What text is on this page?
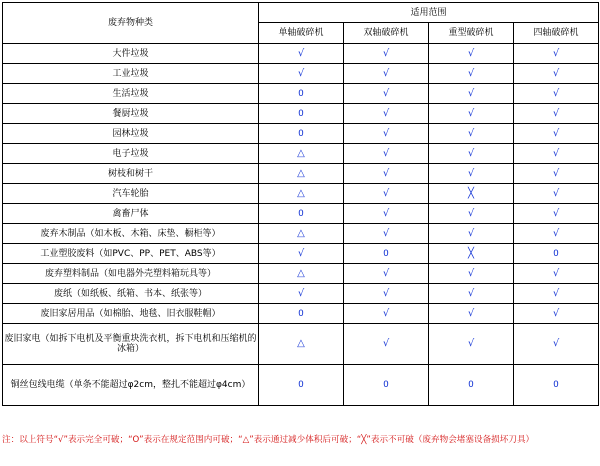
废弃物种类	适用范围			
	单轴破碎机	双轴破碎机	重型破碎机	四轴破碎机
大件垃圾	√	√	√	√
工业垃圾	√	√	√	√
生活垃圾	O	√	√	√
餐厨垃圾	O	√	√	√
园林垃圾	O	√	√	√
电子垃圾	△	√	√	√
树枝和树干	△	√	√	√
汽车轮胎	△	√	╳	√
禽畜尸体	O	√	√	√
废弃木制品（如木板、木箱、床垫、橱柜等）	△	√	√	√
工业塑胶废料（如PVC、PP、PET、ABS等）	√	O	╳	O
废弃塑料制品（如电器外壳塑料箱玩具等）	△	√	√	√
废纸（如纸板、纸箱、书本、纸张等）	√	√	√	√
废旧家居用品（如棉胎、地毯、旧衣服鞋帽）	O	√	√	√
废旧家电（如拆下电机及平衡重块洗衣机，拆下电机和压缩机的冰箱）	△	√	√	√
铜丝包线电缆（单条不能超过φ2cm，整扎不能超过φ4cm）	O	O	O	O
注：以上符号“√”表示完全可破；“O”表示在规定范围内可破；“△”表示通过减少体积后可破；“╳”表示不可破（废弃物会堵塞设备损坏刀具）
